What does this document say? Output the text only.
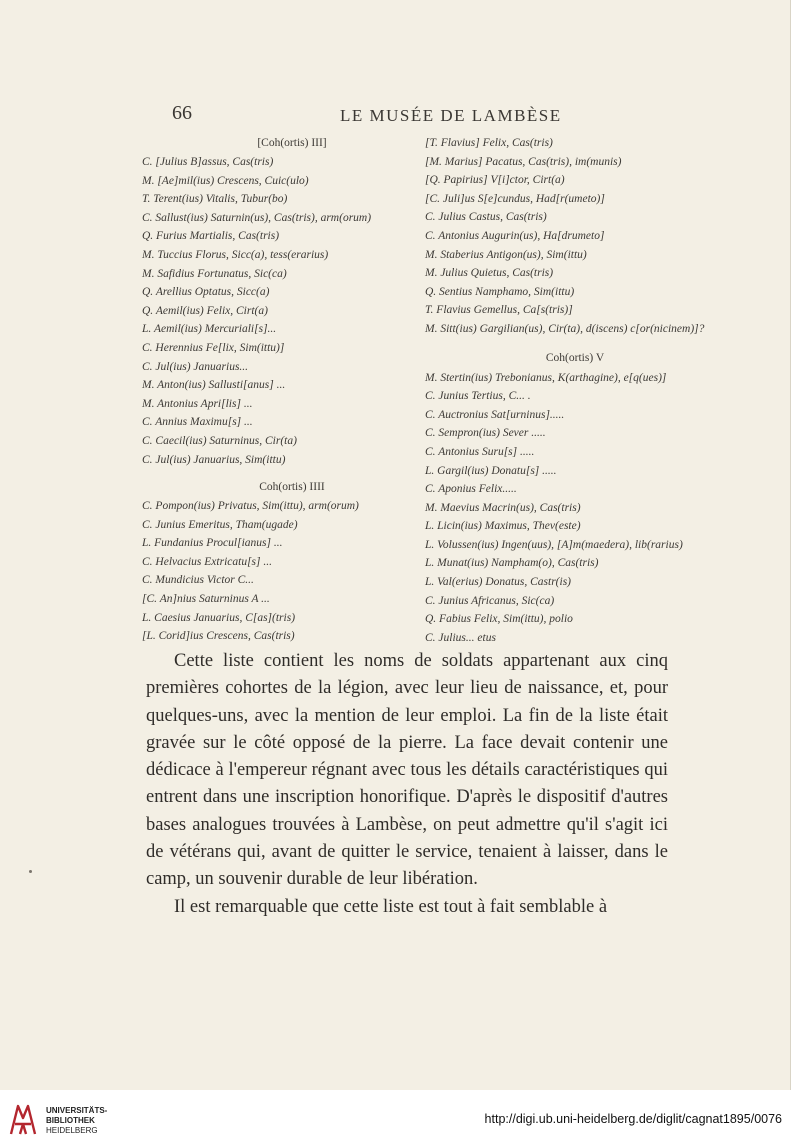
66	LE MUSÉE DE LAMBÈSE
[Coh(ortis) III]
C. [Julius B]assus, Cas(tris)
M. [Ae]mil(ius) Crescens, Cuic(ulo)
T. Terent(ius) Vitalis, Tubur(bo)
C. Sallust(ius) Saturnin(us), Cas(tris), arm(orum)
Q. Furius Martialis, Cas(tris)
M. Tuccius Florus, Sicc(a), tess(erarius)
M. Safidius Fortunatus, Sic(ca)
Q. Arellius Optatus, Sicc(a)
Q. Aemil(ius) Felix, Cirt(a)
L. Aemil(ius) Mercuriali[s]...
C. Herennius Fe[lix, Sim(ittu)]
C. Jul(ius) Januarius...
M. Anton(ius) Sallusti[anus] ...
M. Antonius Apri[lis] ...
C. Annius Maximu[s] ...
C. Caecil(ius) Saturninus, Cir(ta)
C. Jul(ius) Januarius, Sim(ittu)
Coh(ortis) IIII
C. Pompon(ius) Privatus, Sim(ittu), arm(orum)
C. Junius Emeritus, Tham(ugade)
L. Fundanius Procul[ianus] ...
C. Helvacius Extricatu[s] ...
C. Mundicius Victor C...
[C. An]nius Saturninus A ...
L. Caesius Januarius, C[as](tris)
[L. Corid]ius Crescens, Cas(tris)
[T. Flavius] Felix, Cas(tris)
[M. Marius] Pacatus, Cas(tris), im(munis)
[Q. Papirius] V[i]ctor, Cirt(a)
[C. Juli]us S[e]cundus, Had[r(umeto)]
C. Julius Castus, Cas(tris)
C. Antonius Augurin(us), Ha[drumeto]
M. Staberius Antigon(us), Sim(ittu)
M. Julius Quietus, Cas(tris)
Q. Sentius Namphamo, Sim(ittu)
T. Flavius Gemellus, Ca[s(tris)]
M. Sitt(ius) Gargilian(us), Cir(ta), d(iscens) c[or(nicinem)]?
Coh(ortis) V
M. Stertin(ius) Trebonianus, K(arthagine), e[q(ues)]
C. Junius Tertius, C... .
C. Auctronius Sat[urninus].....
C. Sempron(ius) Sever .....
C. Antonius Suru[s] .....
L. Gargil(ius) Donatu[s] .....
C. Aponius Felix.....
M. Maevius Macrin(us), Cas(tris)
L. Licin(ius) Maximus, Thev(este)
L. Volussen(ius) Ingen(uus), [A]m(maedera), lib(rarius)
L. Munat(ius) Nampham(o), Cas(tris)
L. Val(erius) Donatus, Castr(is)
C. Junius Africanus, Sic(ca)
Q. Fabius Felix, Sim(ittu), polio
C. Julius... etus

Cette liste contient les noms de soldats appartenant aux cinq premières cohortes de la légion, avec leur lieu de naissance, et, pour quelques-uns, avec la mention de leur emploi. La fin de la liste était gravée sur le côté opposé de la pierre. La face devait contenir une dédicace à l'empereur régnant avec tous les détails caractéristiques qui entrent dans une inscription honorifique. D'après le dispositif d'autres bases analogues trouvées à Lambèse, on peut admettre qu'il s'agit ici de vétérans qui, avant de quitter le service, tenaient à laisser, dans le camp, un souvenir durable de leur libération.

Il est remarquable que cette liste est tout à fait semblable à

UNIVERSITÄTS-
BIBLIOTHEK
HEIDELBERG
http://digi.ub.uni-heidelberg.de/diglit/cagnat1895/0076
